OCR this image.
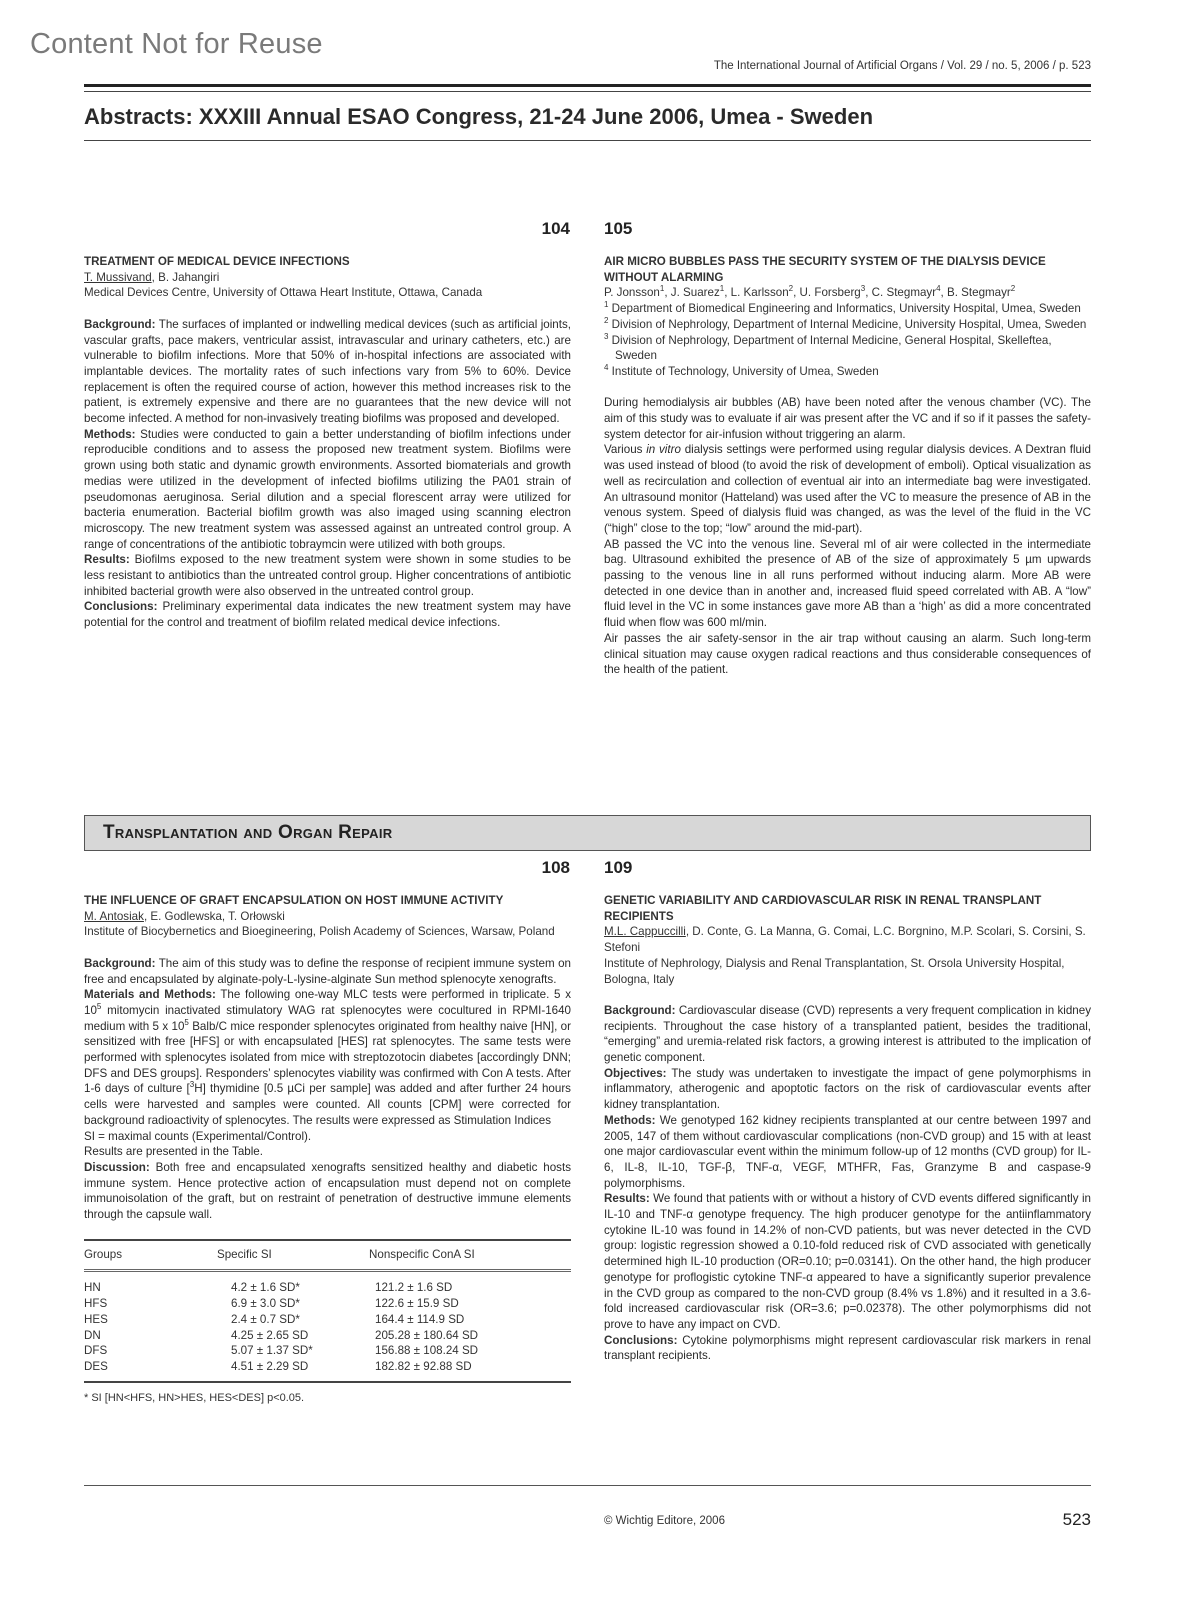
Content Not for Reuse
The International Journal of Artificial Organs / Vol. 29 / no. 5, 2006 / p. 523
Abstracts: XXXIII Annual ESAO Congress, 21-24 June 2006, Umea - Sweden
104 105
TREATMENT OF MEDICAL DEVICE INFECTIONS
T. Mussivand, B. Jahangiri
Medical Devices Centre, University of Ottawa Heart Institute, Ottawa, Canada

Background: The surfaces of implanted or indwelling medical devices (such as artificial joints, vascular grafts, pace makers, ventricular assist, intravascular and urinary catheters, etc.) are vulnerable to biofilm infections. More that 50% of in-hospital infections are associated with implantable devices. The mortality rates of such infections vary from 5% to 60%. Device replacement is often the required course of action, however this method increases risk to the patient, is extremely expensive and there are no guarantees that the new device will not become infected. A method for non-invasively treating biofilms was proposed and developed.

Methods: Studies were conducted to gain a better understanding of biofilm infections under reproducible conditions and to assess the proposed new treatment system. Biofilms were grown using both static and dynamic growth environments. Assorted biomaterials and growth medias were utilized in the development of infected biofilms utilizing the PA01 strain of pseudomonas aeruginosa. Serial dilution and a special florescent array were utilized for bacteria enumeration. Bacterial biofilm growth was also imaged using scanning electron microscopy. The new treatment system was assessed against an untreated control group. A range of concentrations of the antibiotic tobraymcin were utilized with both groups.

Results: Biofilms exposed to the new treatment system were shown in some studies to be less resistant to antibiotics than the untreated control group. Higher concentrations of antibiotic inhibited bacterial growth were also observed in the untreated control group.

Conclusions: Preliminary experimental data indicates the new treatment system may have potential for the control and treatment of biofilm related medical device infections.

AIR MICRO BUBBLES PASS THE SECURITY SYSTEM OF THE DIALYSIS DEVICE WITHOUT ALARMING
P. Jonsson$^1$, J. Suarez$^1$, L. Karlsson$^2$, U. Forsberg$^3$, C. Stegmayr$^4$, B. Stegmayr$^2$
$^1$ Department of Biomedical Engineering and Informatics, University Hospital, Umea, Sweden
$^2$ Division of Nephrology, Department of Internal Medicine, University Hospital, Umea, Sweden
$^3$ Division of Nephrology, Department of Internal Medicine, General Hospital, Skelleftea, Sweden
$^4$ Institute of Technology, University of Umea, Sweden

During hemodialysis air bubbles (AB) have been noted after the venous chamber (VC). The aim of this study was to evaluate if air was present after the VC and if so if it passes the safety-system detector for air-infusion without triggering an alarm.

Various in vitro dialysis settings were performed using regular dialysis devices. A Dextran fluid was used instead of blood (to avoid the risk of development of emboli). Optical visualization as well as recirculation and collection of eventual air into an intermediate bag were investigated. An ultrasound monitor (Hatteland) was used after the VC to measure the presence of AB in the venous system. Speed of dialysis fluid was changed, as was the level of the fluid in the VC (“high” close to the top; “low” around the mid-part).

AB passed the VC into the venous line. Several ml of air were collected in the intermediate bag. Ultrasound exhibited the presence of AB of the size of approximately 5 µm upwards passing to the venous line in all runs performed without inducing alarm. More AB were detected in one device than in another and, increased fluid speed correlated with AB. A “low” fluid level in the VC in some instances gave more AB than a ‘high’ as did a more concentrated fluid when flow was 600 ml/min.

Air passes the air safety-sensor in the air trap without causing an alarm. Such long-term clinical situation may cause oxygen radical reactions and thus considerable consequences of the health of the patient.

Transplantation and Organ Repair
108 109
THE INFLUENCE OF GRAFT ENCAPSULATION ON HOST IMMUNE ACTIVITY
M. Antosiak, E. Godlewska, T. Orłowski
Institute of Biocybernetics and Bioegineering, Polish Academy of Sciences, Warsaw, Poland

Background: The aim of this study was to define the response of recipient immune system on free and encapsulated by alginate-poly-L-lysine-alginate Sun method splenocyte xenografts.

Materials and Methods: The following one-way MLC tests were performed in triplicate. 5 x $10^5$ mitomycin inactivated stimulatory WAG rat splenocytes were cocultured in RPMI-1640 medium with 5 x $10^5$ Balb/C mice responder splenocytes originated from healthy naive [HN], or sensitized with free [HFS] or with encapsulated [HES] rat splenocytes. The same tests were performed with splenocytes isolated from mice with streptozotocin diabetes [accordingly DNN; DFS and DES groups]. Responders’ splenocytes viability was confirmed with Con A tests. After 1-6 days of culture [$^3$H] thymidine [0.5 µCi per sample] was added and after further 24 hours cells were harvested and samples were counted. All counts [CPM] were corrected for background radioactivity of splenocytes. The results were expressed as Stimulation Indices

SI = maximal counts (Experimental/Control).

Results are presented in the Table.

Discussion: Both free and encapsulated xenografts sensitized healthy and diabetic hosts immune system. Hence protective action of encapsulation must depend not on complete immunoisolation of the graft, but on restraint of penetration of destructive immune elements through the capsule wall.

Groups	Specific SI	Nonspecific ConA SI
HN	4.2 ± 1.6 SD*	121.2 ± 1.6 SD
HFS	6.9 ± 3.0 SD*	122.6 ± 15.9 SD
HES	2.4 ± 0.7 SD*	164.4 ± 114.9 SD
DN	4.25 ± 2.65 SD	205.28 ± 180.64 SD
DFS	5.07 ± 1.37 SD*	156.88 ± 108.24 SD
DES	4.51 ± 2.29 SD	182.82 ± 92.88 SD
* SI [HN<HFS, HN>HES, HES<DES] p<0.05.
GENETIC VARIABILITY AND CARDIOVASCULAR RISK IN RENAL TRANSPLANT RECIPIENTS
M.L. Cappuccilli, D. Conte, G. La Manna, G. Comai, L.C. Borgnino, M.P. Scolari, S. Corsini, S. Stefoni
Institute of Nephrology, Dialysis and Renal Transplantation, St. Orsola University Hospital, Bologna, Italy

Background: Cardiovascular disease (CVD) represents a very frequent complication in kidney recipients. Throughout the case history of a transplanted patient, besides the traditional, “emerging” and uremia-related risk factors, a growing interest is attributed to the implication of genetic component.

Objectives: The study was undertaken to investigate the impact of gene polymorphisms in inflammatory, atherogenic and apoptotic factors on the risk of cardiovascular events after kidney transplantation.

Methods: We genotyped 162 kidney recipients transplanted at our centre between 1997 and 2005, 147 of them without cardiovascular complications (non-CVD group) and 15 with at least one major cardiovascular event within the minimum follow-up of 12 months (CVD group) for IL-6, IL-8, IL-10, TGF-β, TNF-α, VEGF, MTHFR, Fas, Granzyme B and caspase-9 polymorphisms.

Results: We found that patients with or without a history of CVD events differed significantly in IL-10 and TNF-α genotype frequency. The high producer genotype for the antiinflammatory cytokine IL-10 was found in 14.2% of non-CVD patients, but was never detected in the CVD group: logistic regression showed a 0.10-fold reduced risk of CVD associated with genetically determined high IL-10 production (OR=0.10; p=0.03141). On the other hand, the high producer genotype for proflogistic cytokine TNF-α appeared to have a significantly superior prevalence in the CVD group as compared to the non-CVD group (8.4% vs 1.8%) and it resulted in a 3.6-fold increased cardiovascular risk (OR=3.6; p=0.02378). The other polymorphisms did not prove to have any impact on CVD.

Conclusions: Cytokine polymorphisms might represent cardiovascular risk markers in renal transplant recipients.

© Wichtig Editore, 2006	523
